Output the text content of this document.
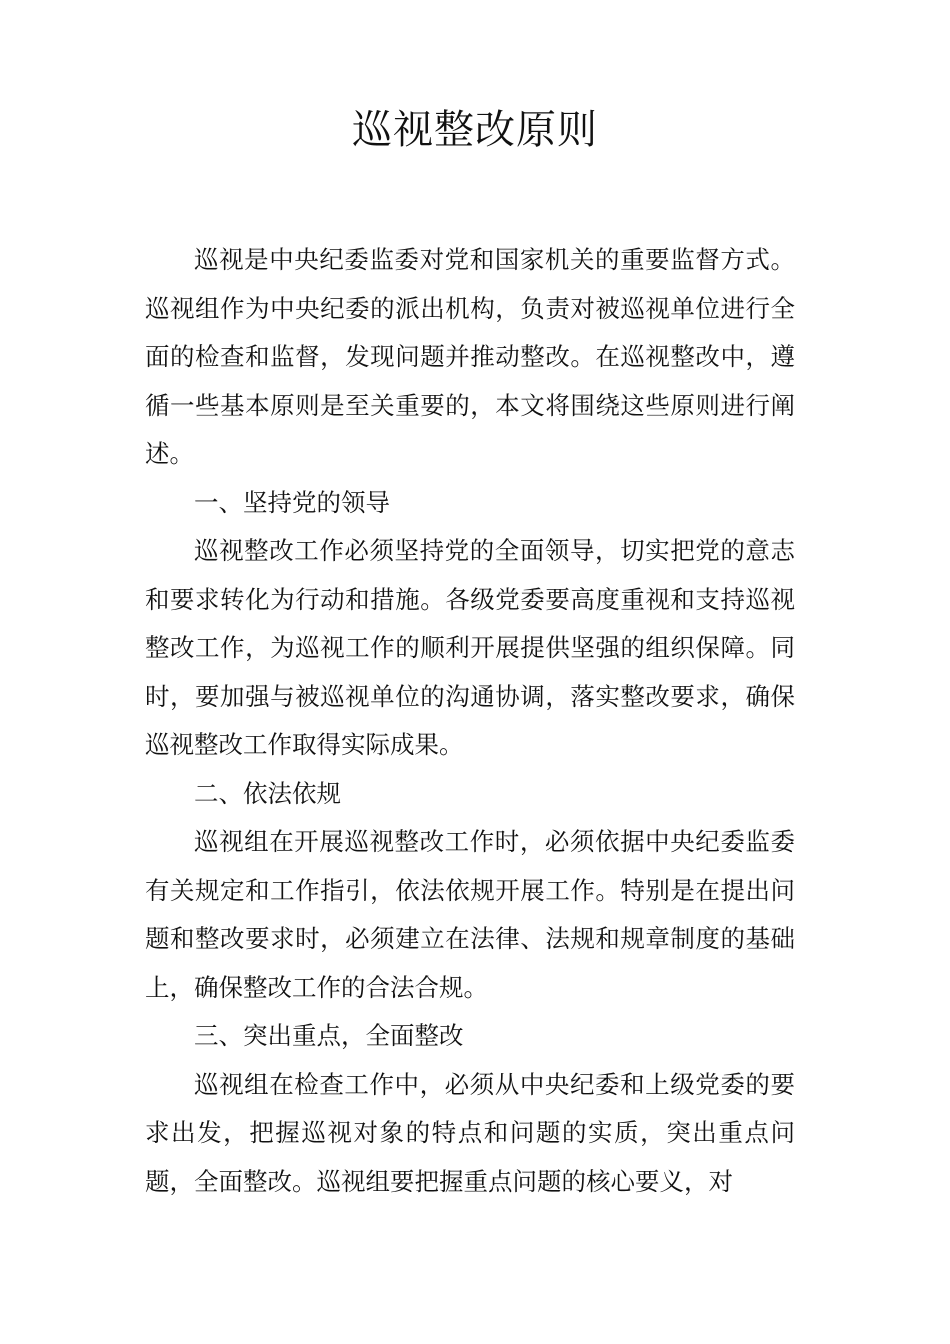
巡视整改原则

巡视是中央纪委监委对党和国家机关的重要监督方式。巡视组作为中央纪委的派出机构，负责对被巡视单位进行全面的检查和监督，发现问题并推动整改。在巡视整改中，遵循一些基本原则是至关重要的，本文将围绕这些原则进行阐述。

一、坚持党的领导

巡视整改工作必须坚持党的全面领导，切实把党的意志和要求转化为行动和措施。各级党委要高度重视和支持巡视整改工作，为巡视工作的顺利开展提供坚强的组织保障。同时，要加强与被巡视单位的沟通协调，落实整改要求，确保巡视整改工作取得实际成果。

二、依法依规

巡视组在开展巡视整改工作时，必须依据中央纪委监委有关规定和工作指引，依法依规开展工作。特别是在提出问题和整改要求时，必须建立在法律、法规和规章制度的基础上，确保整改工作的合法合规。

三、突出重点，全面整改

巡视组在检查工作中，必须从中央纪委和上级党委的要求出发，把握巡视对象的特点和问题的实质，突出重点问题，全面整改。巡视组要把握重点问题的核心要义，对
